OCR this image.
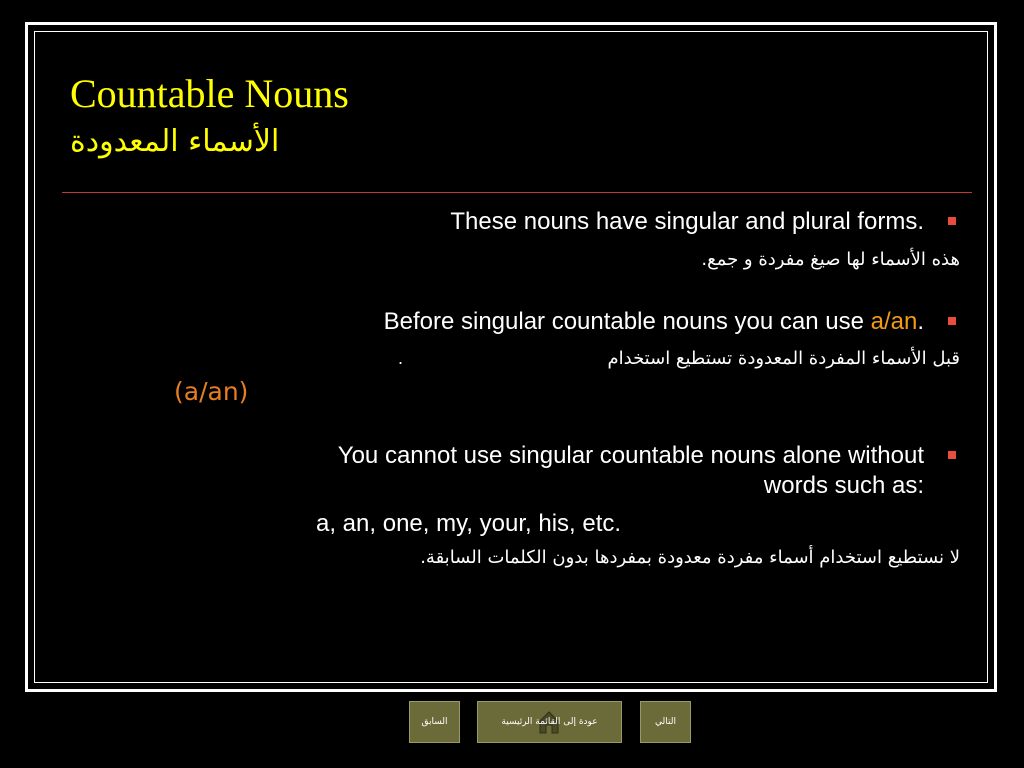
Countable Nouns
الأسماء المعدودة
These nouns have singular and plural forms.
هذه الأسماء لها صيغ مفردة و جمع.
Before singular countable nouns you can use a/an.
قبل الأسماء المفردة المعدودة تستطيع استخدام
.
(a/an)
You cannot use singular countable nouns alone without
words such as:
a, an, one, my, your, his, etc.
لا نستطيع استخدام أسماء مفردة معدودة بمفردها بدون الكلمات السابقة.
السابق	عودة إلى القائمة الرئيسية	التالي
